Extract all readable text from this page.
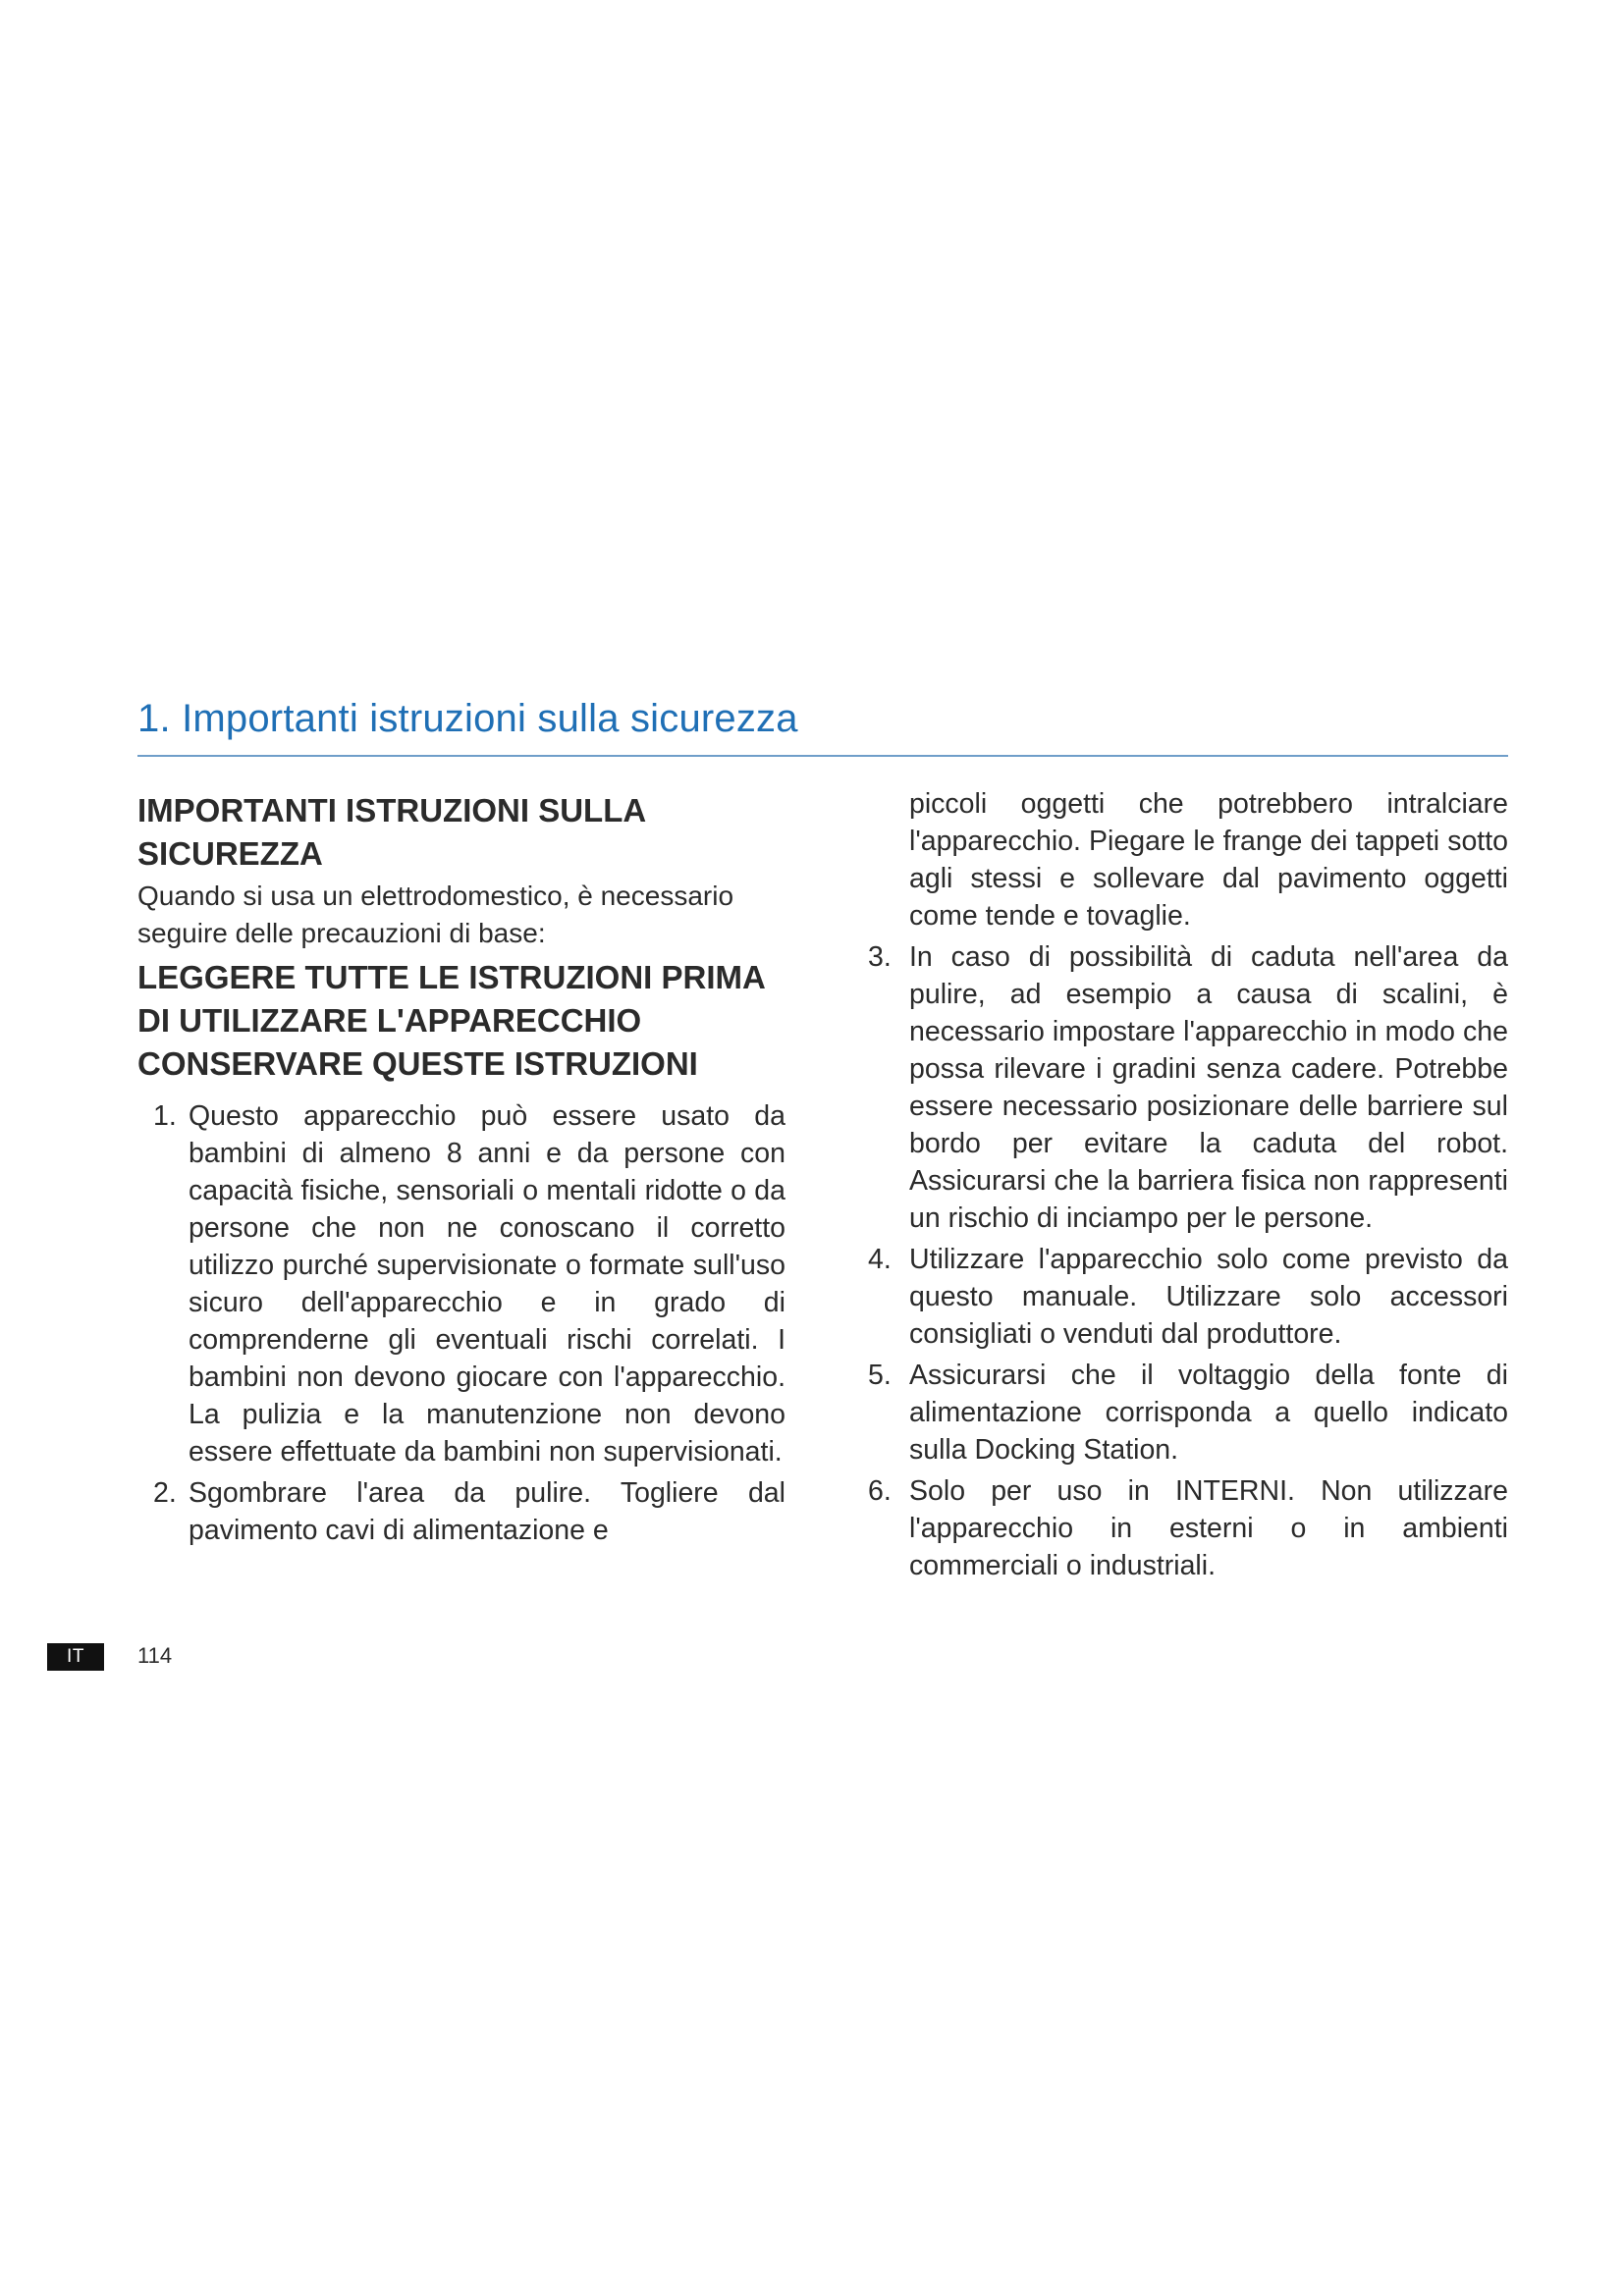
1. Importanti istruzioni sulla sicurezza
IMPORTANTI ISTRUZIONI SULLA SICUREZZA

Quando si usa un elettrodomestico, è necessario seguire delle precauzioni di base:

LEGGERE TUTTE LE ISTRUZIONI PRIMA DI UTILIZZARE L'APPARECCHIO

CONSERVARE QUESTE ISTRUZIONI

1. Questo apparecchio può essere usato da bambini di almeno 8 anni e da persone con capacità fisiche, sensoriali o mentali ridotte o da persone che non ne conoscano il corretto utilizzo purché supervisionate o formate sull'uso sicuro dell'apparecchio e in grado di comprenderne gli eventuali rischi correlati. I bambini non devono giocare con l'apparecchio. La pulizia e la manutenzione non devono essere effettuate da bambini non supervisionati.
2. Sgombrare l'area da pulire. Togliere dal pavimento cavi di alimentazione e

piccoli oggetti che potrebbero intralciare l'apparecchio. Piegare le frange dei tappeti sotto agli stessi e sollevare dal pavimento oggetti come tende e tovaglie.

3. In caso di possibilità di caduta nell'area da pulire, ad esempio a causa di scalini, è necessario impostare l'apparecchio in modo che possa rilevare i gradini senza cadere. Potrebbe essere necessario posizionare delle barriere sul bordo per evitare la caduta del robot. Assicurarsi che la barriera fisica non rappresenti un rischio di inciampo per le persone.
4. Utilizzare l'apparecchio solo come previsto da questo manuale. Utilizzare solo accessori consigliati o venduti dal produttore.
5. Assicurarsi che il voltaggio della fonte di alimentazione corrisponda a quello indicato sulla Docking Station.
6. Solo per uso in INTERNI. Non utilizzare l'apparecchio in esterni o in ambienti commerciali o industriali.
IT	114
